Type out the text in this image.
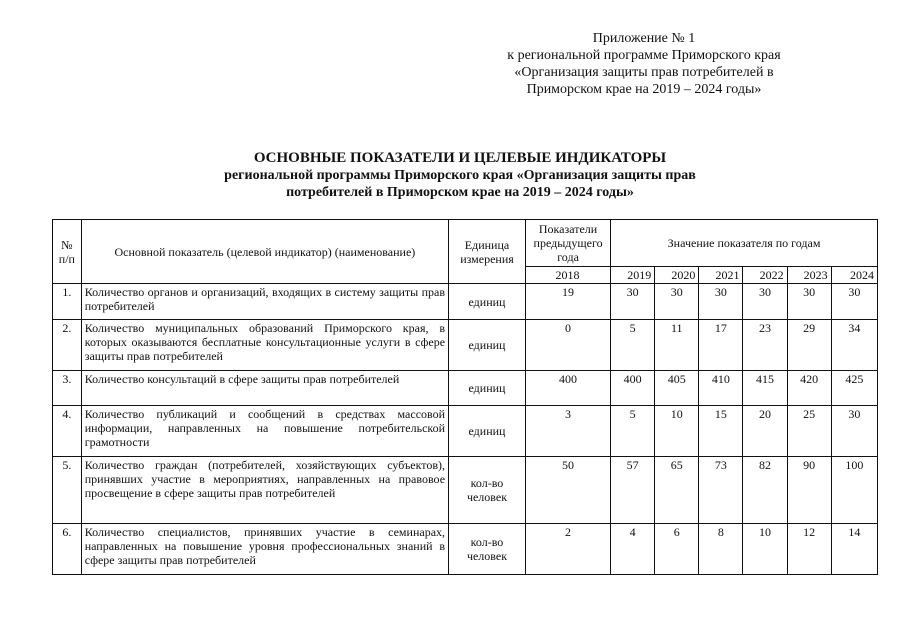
Приложение № 1
к региональной программе Приморского края
«Организация защиты прав потребителей в
Приморском крае на 2019 – 2024 годы»
ОСНОВНЫЕ ПОКАЗАТЕЛИ И ЦЕЛЕВЫЕ ИНДИКАТОРЫ
региональной программы Приморского края «Организация защиты прав
потребителей в Приморском крае на 2019 – 2024 годы»
№ п/п	Основной показатель (целевой индикатор) (наименование)	Единица измерения	Показатели предыдущего года	Значение показателя по годам					
			2018	2019	2020	2021	2022	2023	2024
1.	Количество органов и организаций, входящих в систему защиты прав потребителей	единиц	19	30	30	30	30	30	30
2.	Количество муниципальных образований Приморского края, в которых оказываются бесплатные консультационные услуги в сфере защиты прав потребителей	единиц	0	5	11	17	23	29	34
3.	Количество консультаций в сфере защиты прав потребителей	единиц	400	400	405	410	415	420	425
4.	Количество публикаций и сообщений в средствах массовой информации, направленных на повышение потребительской грамотности	единиц	3	5	10	15	20	25	30
5.	Количество граждан (потребителей, хозяйствующих субъектов), принявших участие в мероприятиях, направленных на правовое просвещение в сфере защиты прав потребителей	кол-во человек	50	57	65	73	82	90	100
6.	Количество специалистов, принявших участие в семинарах, направленных на повышение уровня профессиональных знаний в сфере защиты прав потребителей	кол-во человек	2	4	6	8	10	12	14
